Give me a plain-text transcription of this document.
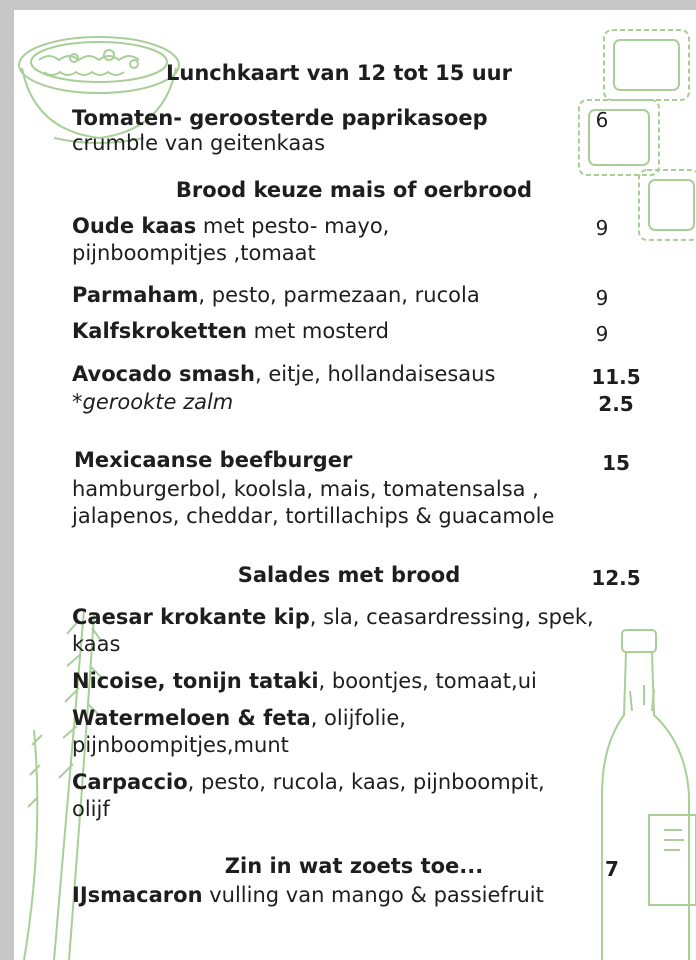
Lunchkaart van 12 tot 15 uur
Tomaten- geroosterde paprikasoep
crumble van geitenkaas
6
Brood keuze mais of oerbrood
Oude kaas met pesto- mayo,
pijnboompitjes ,tomaat
9
Parmaham, pesto, parmezaan, rucola	9
Kalfskroketten met mosterd	9
Avocado smash, eitje, hollandaisesaus	11.5
*gerookte zalm	2.5
Mexicaanse beefburger	15
hamburgerbol, koolsla, mais, tomatensalsa ,
jalapenos, cheddar, tortillachips & guacamole
Salades met brood	12.5
Caesar krokante kip, sla, ceasardressing, spek,
kaas
Nicoise, tonijn tataki, boontjes, tomaat,ui
Watermeloen & feta, olijfolie,
pijnboompitjes,munt
Carpaccio, pesto, rucola, kaas, pijnboompit,
olijf
Zin in wat zoets toe...	7
IJsmacaron vulling van mango & passiefruit
